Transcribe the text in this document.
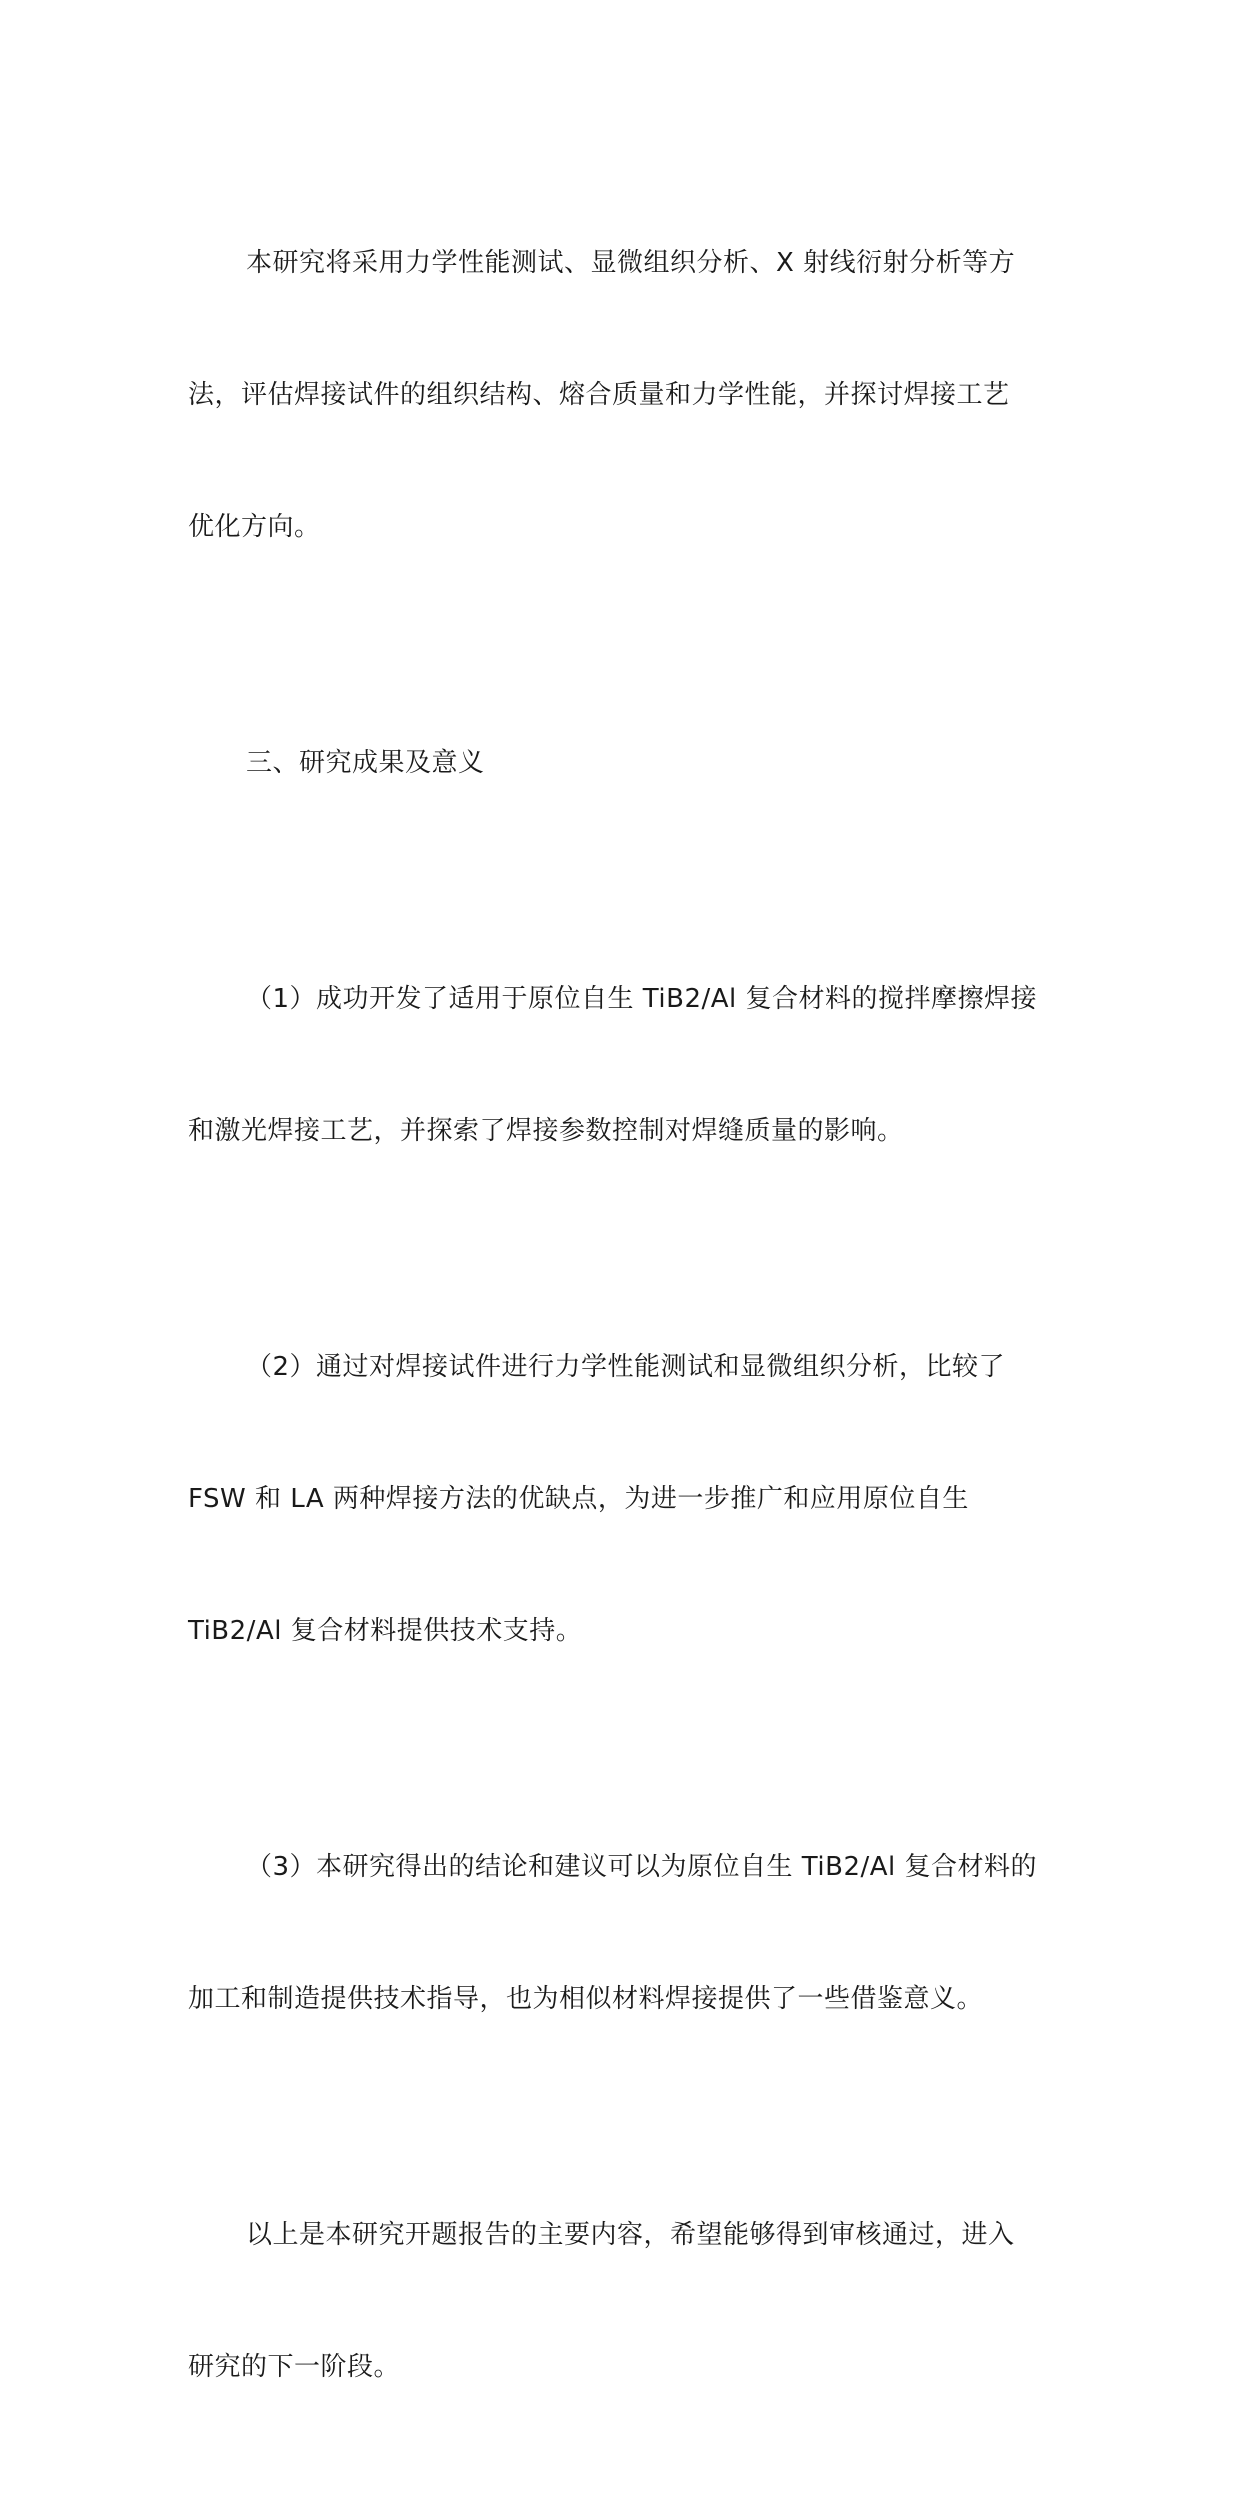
本研究将采用力学性能测试、显微组织分析、X 射线衍射分析等方

法，评估焊接试件的组织结构、熔合质量和力学性能，并探讨焊接工艺

优化方向。

三、研究成果及意义

（1）成功开发了适用于原位自生 TiB2/Al 复合材料的搅拌摩擦焊接

和激光焊接工艺，并探索了焊接参数控制对焊缝质量的影响。

（2）通过对焊接试件进行力学性能测试和显微组织分析，比较了

FSW 和 LA 两种焊接方法的优缺点，为进一步推广和应用原位自生

TiB2/Al 复合材料提供技术支持。

（3）本研究得出的结论和建议可以为原位自生 TiB2/Al 复合材料的

加工和制造提供技术指导，也为相似材料焊接提供了一些借鉴意义。

以上是本研究开题报告的主要内容，希望能够得到审核通过，进入

研究的下一阶段。
